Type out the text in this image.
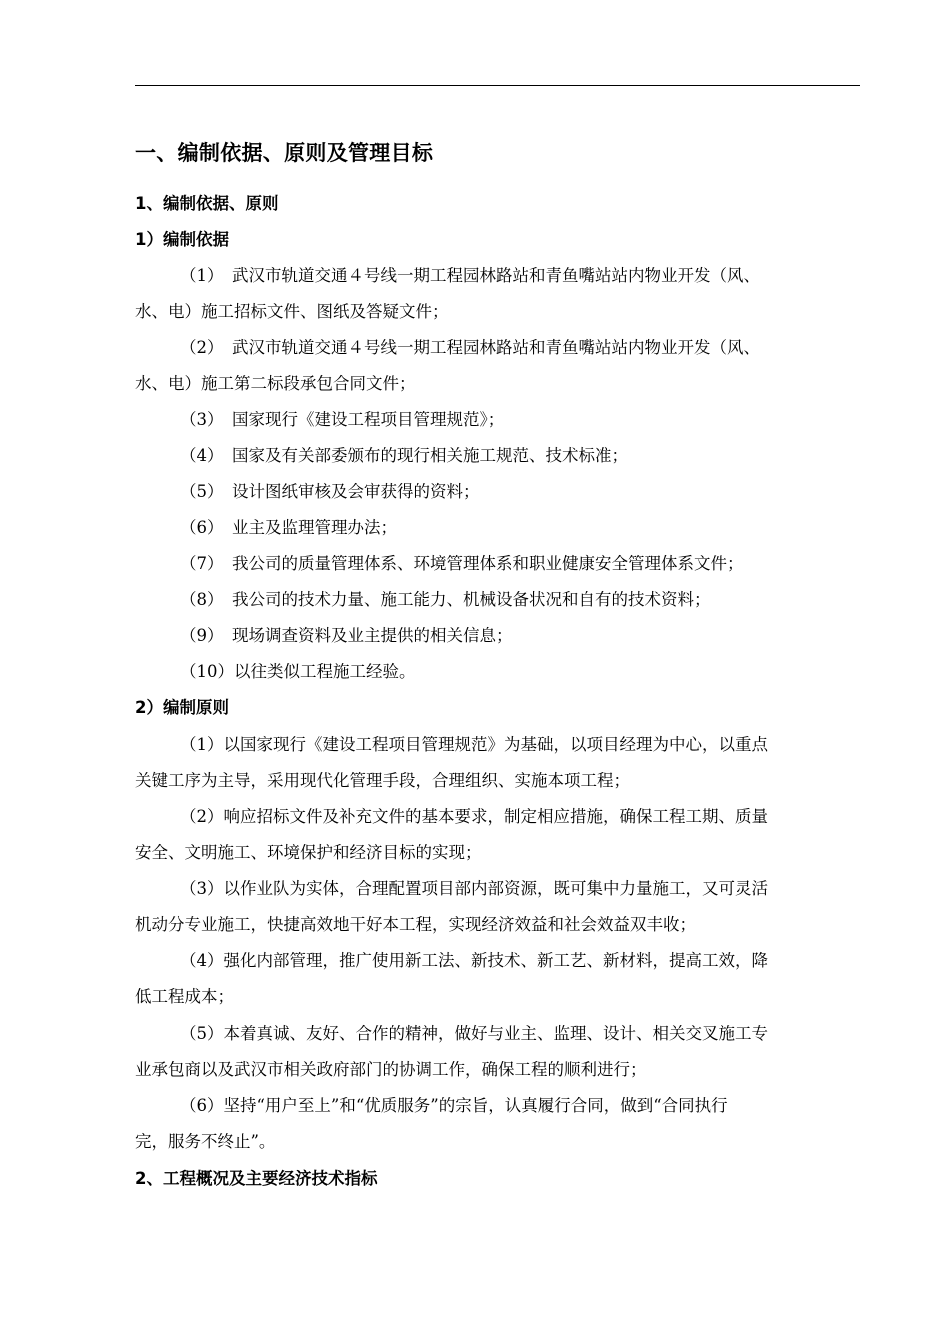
一、编制依据、原则及管理目标
1、编制依据、原则
1）编制依据
（1） 武汉市轨道交通４号线一期工程园林路站和青鱼嘴站站内物业开发（风、
水、电）施工招标文件、图纸及答疑文件；
（2） 武汉市轨道交通４号线一期工程园林路站和青鱼嘴站站内物业开发（风、
水、电）施工第二标段承包合同文件；
（3） 国家现行《建设工程项目管理规范》；
（4） 国家及有关部委颁布的现行相关施工规范、技术标准；
（5） 设计图纸审核及会审获得的资料；
（6） 业主及监理管理办法；
（7） 我公司的质量管理体系、环境管理体系和职业健康安全管理体系文件；
（8） 我公司的技术力量、施工能力、机械设备状况和自有的技术资料；
（9） 现场调查资料及业主提供的相关信息；
（10）以往类似工程施工经验。
2）编制原则
（1）以国家现行《建设工程项目管理规范》为基础，以项目经理为中心，以重点
关键工序为主导，采用现代化管理手段，合理组织、实施本项工程；
（2）响应招标文件及补充文件的基本要求，制定相应措施，确保工程工期、质量
安全、文明施工、环境保护和经济目标的实现；
（3）以作业队为实体，合理配置项目部内部资源，既可集中力量施工，又可灵活
机动分专业施工，快捷高效地干好本工程，实现经济效益和社会效益双丰收；
（4）强化内部管理，推广使用新工法、新技术、新工艺、新材料，提高工效，降
低工程成本；
（5）本着真诚、友好、合作的精神，做好与业主、监理、设计、相关交叉施工专
业承包商以及武汉市相关政府部门的协调工作，确保工程的顺利进行；
（6）坚持“用户至上”和“优质服务”的宗旨，认真履行合同，做到“合同执行
完，服务不终止”。
2、工程概况及主要经济技术指标
